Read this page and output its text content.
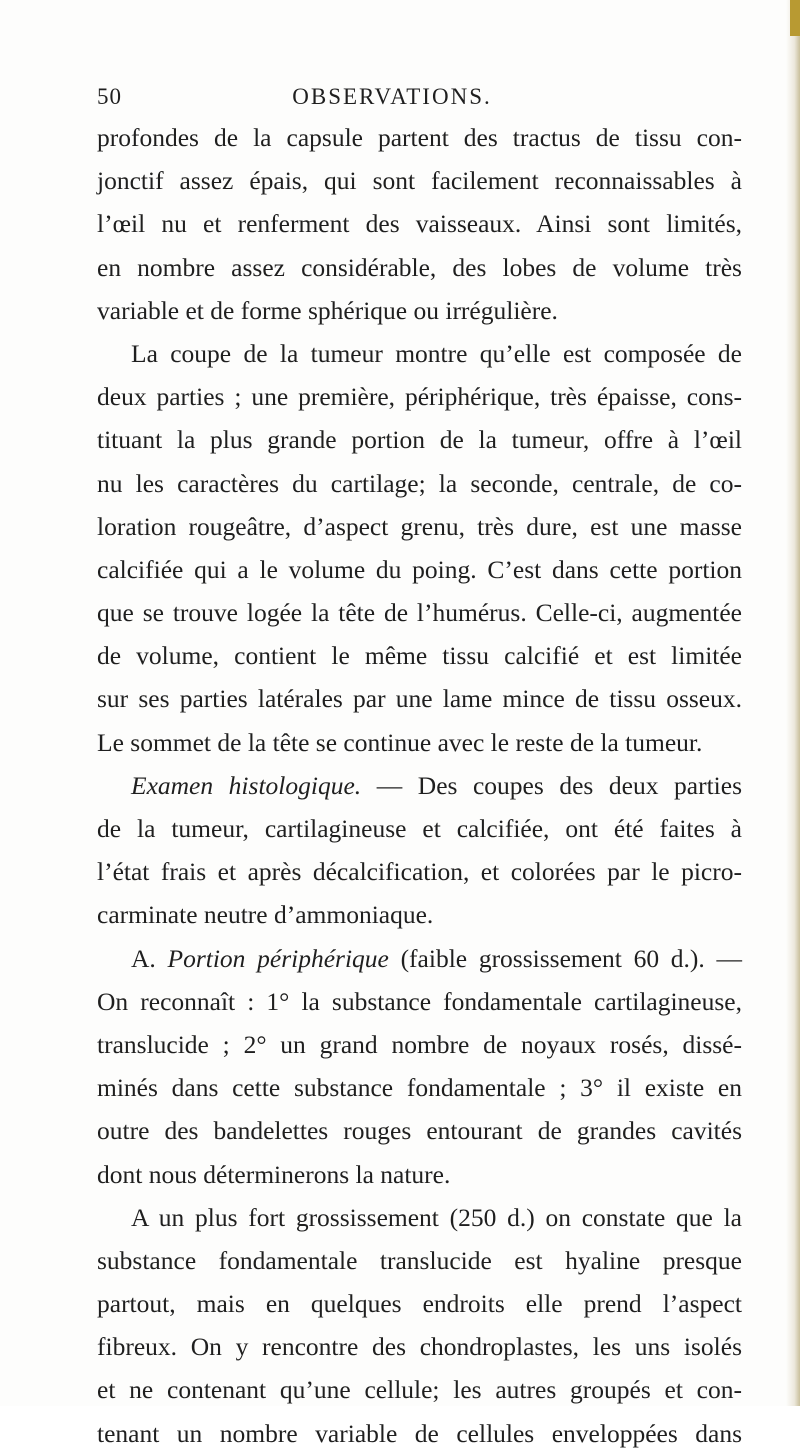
50	OBSERVATIONS.
profondes de la capsule partent des tractus de tissu con-
jonctif assez épais, qui sont facilement reconnaissables à
l’œil nu et renferment des vaisseaux. Ainsi sont limités,
en nombre assez considérable, des lobes de volume très
variable et de forme sphérique ou irrégulière.
La coupe de la tumeur montre qu’elle est composée de
deux parties ; une première, périphérique, très épaisse, cons-
tituant la plus grande portion de la tumeur, offre à l’œil
nu les caractères du cartilage; la seconde, centrale, de co-
loration rougeâtre, d’aspect grenu, très dure, est une masse
calcifiée qui a le volume du poing. C’est dans cette portion
que se trouve logée la tête de l’humérus. Celle-ci, augmentée
de volume, contient le même tissu calcifié et est limitée
sur ses parties latérales par une lame mince de tissu osseux.
Le sommet de la tête se continue avec le reste de la tumeur.
Examen histologique. — Des coupes des deux parties
de la tumeur, cartilagineuse et calcifiée, ont été faites à
l’état frais et après décalcification, et colorées par le picro-
carminate neutre d’ammoniaque.
A. Portion périphérique (faible grossissement 60 d.). —
On reconnaît : 1° la substance fondamentale cartilagineuse,
translucide ; 2° un grand nombre de noyaux rosés, dissé-
minés dans cette substance fondamentale ; 3° il existe en
outre des bandelettes rouges entourant de grandes cavités
dont nous déterminerons la nature.
A un plus fort grossissement (250 d.) on constate que la
substance fondamentale translucide est hyaline presque
partout, mais en quelques endroits elle prend l’aspect
fibreux. On y rencontre des chondroplastes, les uns isolés
et ne contenant qu’une cellule; les autres groupés et con-
tenant un nombre variable de cellules enveloppées dans
